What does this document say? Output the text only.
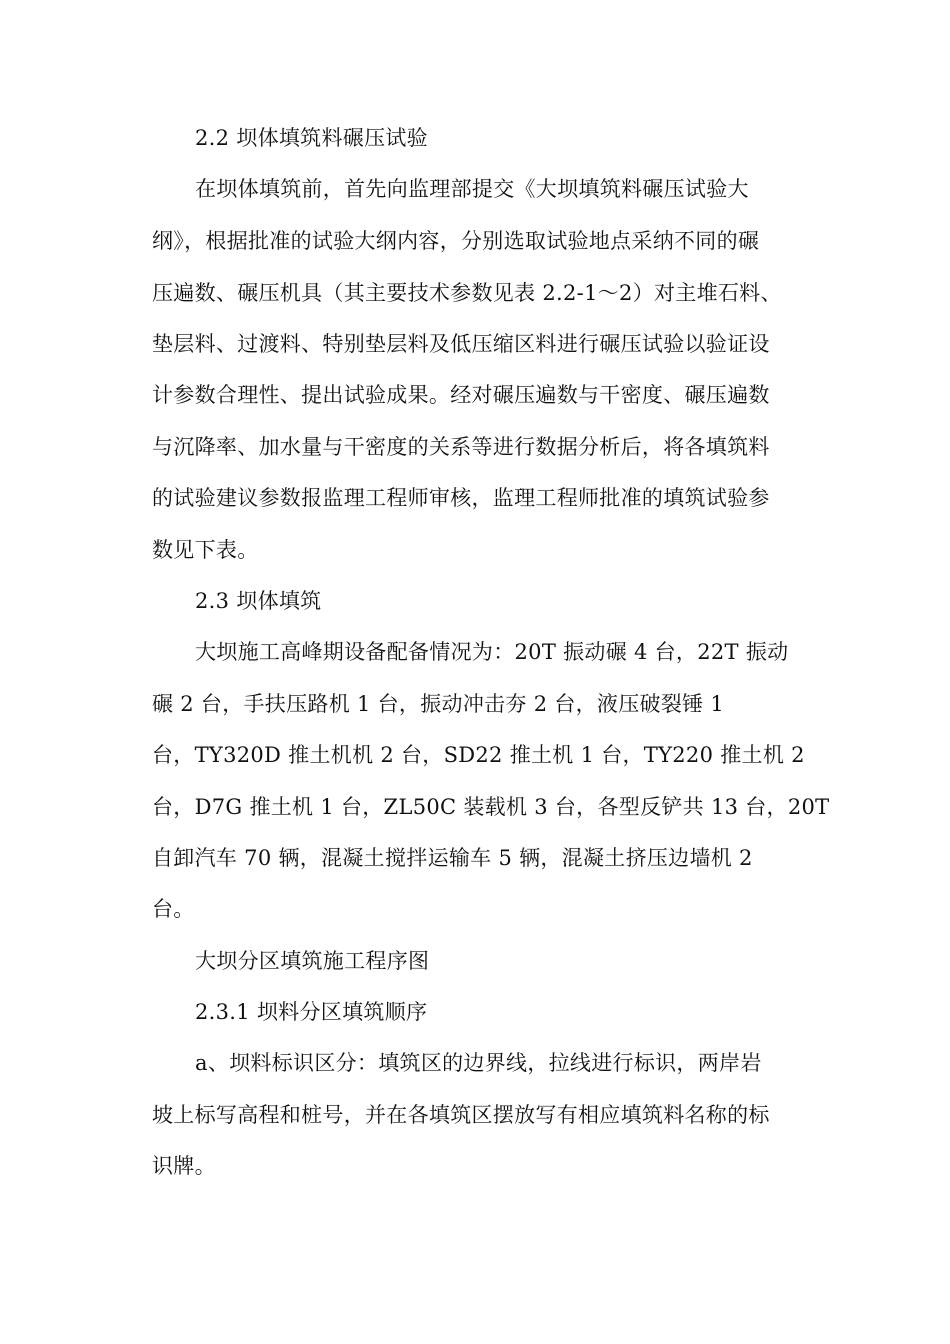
2.2 坝体填筑料碾压试验
在坝体填筑前，首先向监理部提交《大坝填筑料碾压试验大
纲》，根据批准的试验大纲内容，分别选取试验地点采纳不同的碾
压遍数、碾压机具（其主要技术参数见表 2.2-1～2）对主堆石料、
垫层料、过渡料、特别垫层料及低压缩区料进行碾压试验以验证设
计参数合理性、提出试验成果。经对碾压遍数与干密度、碾压遍数
与沉降率、加水量与干密度的关系等进行数据分析后，将各填筑料
的试验建议参数报监理工程师审核，监理工程师批准的填筑试验参
数见下表。
2.3 坝体填筑
大坝施工高峰期设备配备情况为：20T 振动碾 4 台，22T 振动
碾 2 台，手扶压路机 1 台，振动冲击夯 2 台，液压破裂锤 1
台，TY320D 推土机机 2 台，SD22 推土机 1 台，TY220 推土机 2
台，D7G 推土机 1 台，ZL50C 装载机 3 台，各型反铲共 13 台，20T
自卸汽车 70 辆，混凝土搅拌运输车 5 辆，混凝土挤压边墙机 2
台。
大坝分区填筑施工程序图
2.3.1 坝料分区填筑顺序
a、坝料标识区分：填筑区的边界线，拉线进行标识，两岸岩
坡上标写高程和桩号，并在各填筑区摆放写有相应填筑料名称的标
识牌。
